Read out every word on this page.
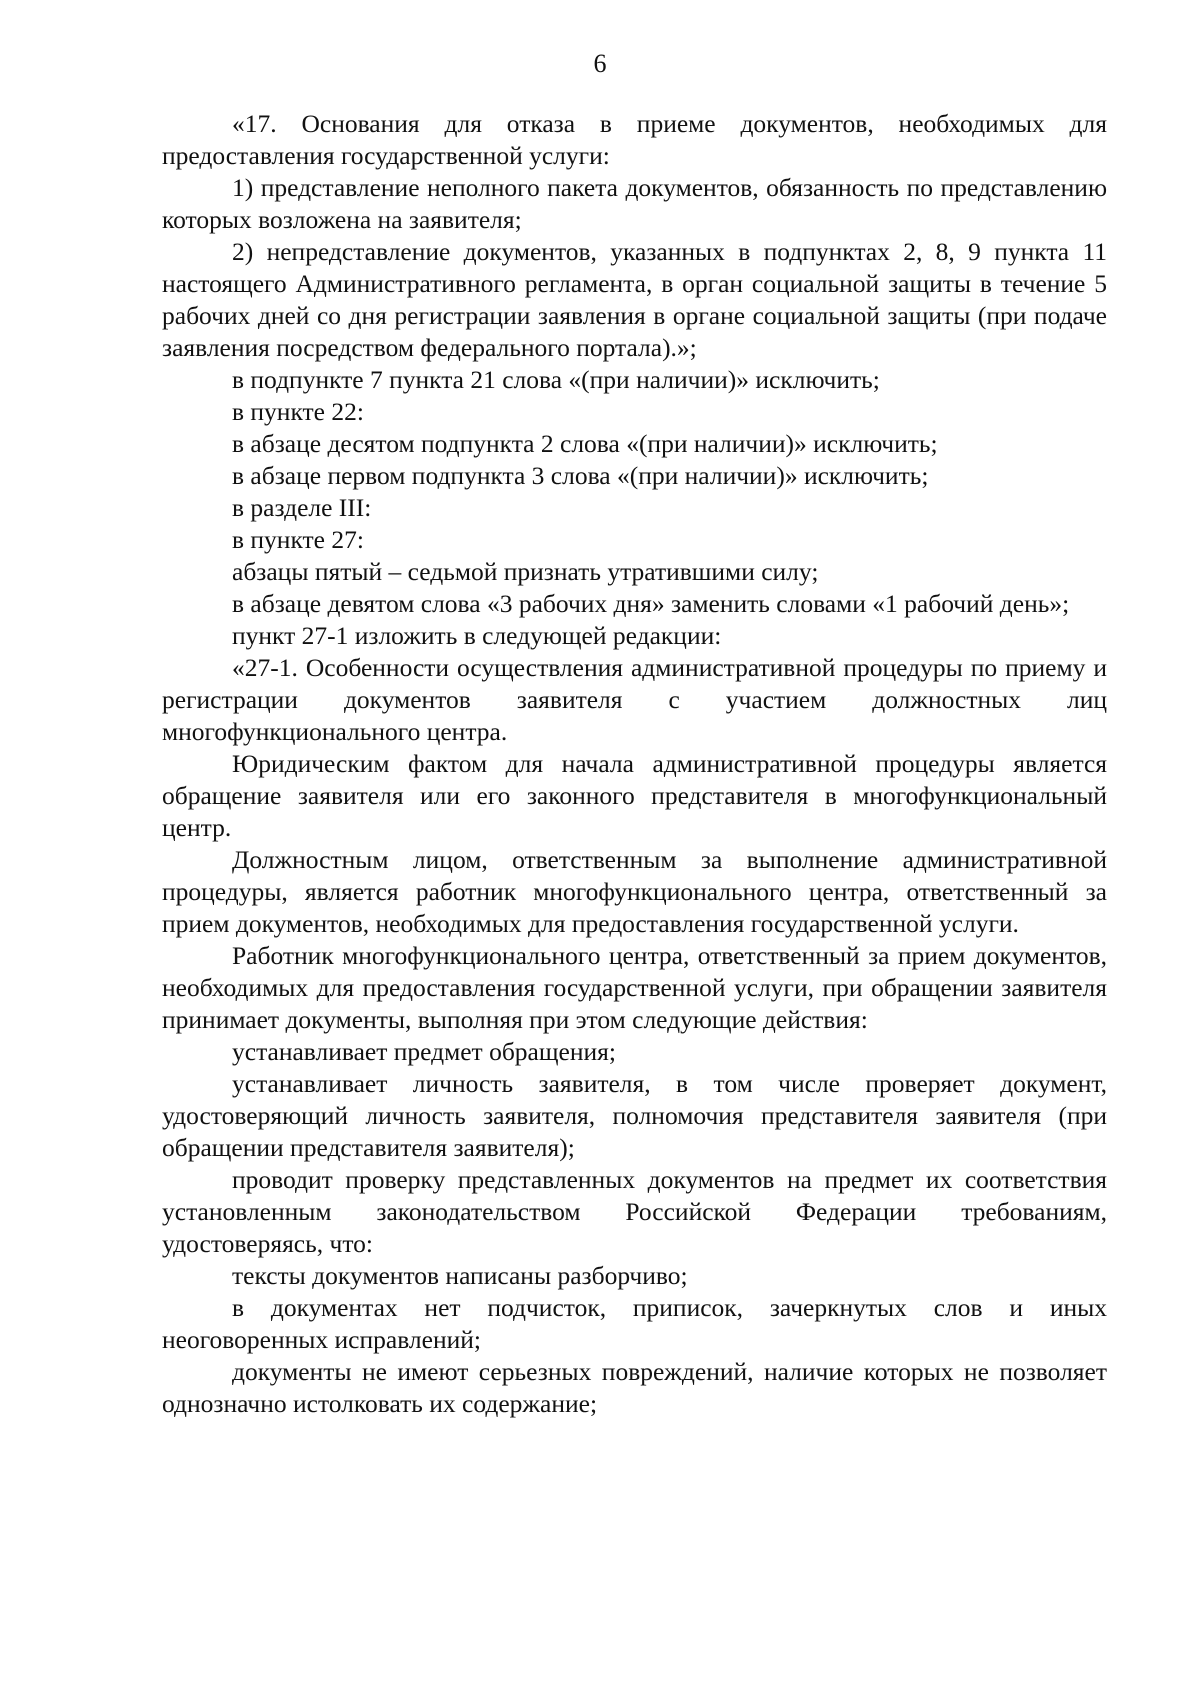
6

«17. Основания для отказа в приеме документов, необходимых для предоставления государственной услуги:

1) представление неполного пакета документов, обязанность по представлению которых возложена на заявителя;

2) непредставление документов, указанных в подпунктах 2, 8, 9 пункта 11 настоящего Административного регламента, в орган социальной защиты в течение 5 рабочих дней со дня регистрации заявления в органе социальной защиты (при подаче заявления посредством федерального портала).»;

в подпункте 7 пункта 21 слова «(при наличии)» исключить;

в пункте 22:

в абзаце десятом подпункта 2 слова «(при наличии)» исключить;

в абзаце первом подпункта 3 слова «(при наличии)» исключить;

в разделе III:

в пункте 27:

абзацы пятый – седьмой признать утратившими силу;

в абзаце девятом слова «3 рабочих дня» заменить словами «1 рабочий день»;

пункт 27-1 изложить в следующей редакции:

«27-1. Особенности осуществления административной процедуры по приему и регистрации документов заявителя с участием должностных лиц многофункционального центра.

Юридическим фактом для начала административной процедуры является обращение заявителя или его законного представителя в многофункциональный центр.

Должностным лицом, ответственным за выполнение административной процедуры, является работник многофункционального центра, ответственный за прием документов, необходимых для предоставления государственной услуги.

Работник многофункционального центра, ответственный за прием документов, необходимых для предоставления государственной услуги, при обращении заявителя принимает документы, выполняя при этом следующие действия:

устанавливает предмет обращения;

устанавливает личность заявителя, в том числе проверяет документ, удостоверяющий личность заявителя, полномочия представителя заявителя (при обращении представителя заявителя);

проводит проверку представленных документов на предмет их соответствия установленным законодательством Российской Федерации требованиям, удостоверяясь, что:

тексты документов написаны разборчиво;

в документах нет подчисток, приписок, зачеркнутых слов и иных неоговоренных исправлений;

документы не имеют серьезных повреждений, наличие которых не позволяет однозначно истолковать их содержание;
